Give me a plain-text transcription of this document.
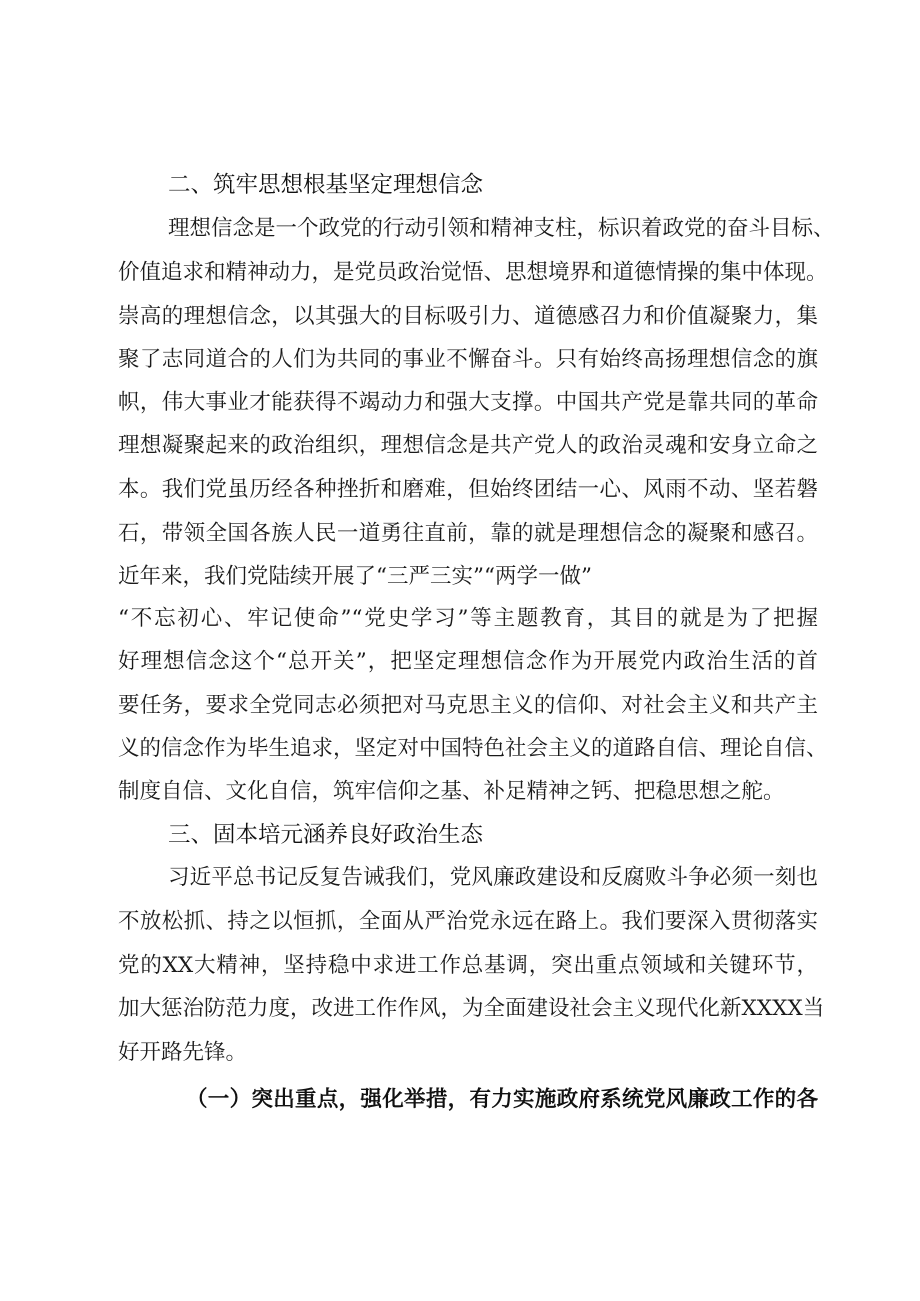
二、筑牢思想根基坚定理想信念
理想信念是一个政党的行动引领和精神支柱，标识着政党的奋斗目标、
价值追求和精神动力，是党员政治觉悟、思想境界和道德情操的集中体现。
崇高的理想信念，以其强大的目标吸引力、道德感召力和价值凝聚力，集
聚了志同道合的人们为共同的事业不懈奋斗。只有始终高扬理想信念的旗
帜，伟大事业才能获得不竭动力和强大支撑。中国共产党是靠共同的革命
理想凝聚起来的政治组织，理想信念是共产党人的政治灵魂和安身立命之
本。我们党虽历经各种挫折和磨难，但始终团结一心、风雨不动、坚若磐
石，带领全国各族人民一道勇往直前，靠的就是理想信念的凝聚和感召。
近年来，我们党陆续开展了“三严三实”“两学一做”
“不忘初心、牢记使命”“党史学习”等主题教育，其目的就是为了把握
好理想信念这个“总开关”，把坚定理想信念作为开展党内政治生活的首
要任务，要求全党同志必须把对马克思主义的信仰、对社会主义和共产主
义的信念作为毕生追求，坚定对中国特色社会主义的道路自信、理论自信、
制度自信、文化自信，筑牢信仰之基、补足精神之钙、把稳思想之舵。
三、固本培元涵养良好政治生态
习近平总书记反复告诫我们，党风廉政建设和反腐败斗争必须一刻也
不放松抓、持之以恒抓，全面从严治党永远在路上。我们要深入贯彻落实
党的XX大精神，坚持稳中求进工作总基调，突出重点领域和关键环节，
加大惩治防范力度，改进工作作风，为全面建设社会主义现代化新XXXX当
好开路先锋。
（一）突出重点，强化举措，有力实施政府系统党风廉政工作的各
